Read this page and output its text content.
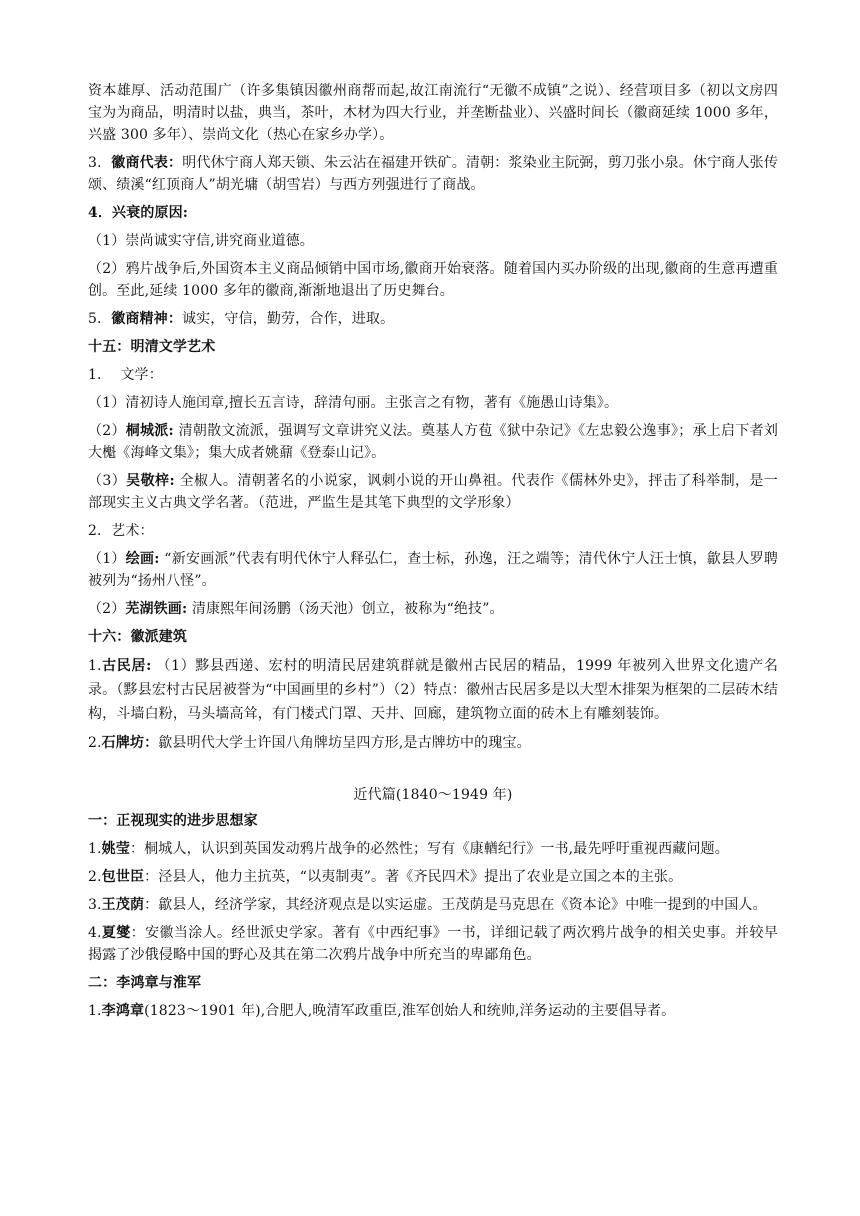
资本雄厚、活动范围广（许多集镇因徽州商帮而起,故江南流行“无徽不成镇”之说）、经营项目多（初以文房四宝为为商品，明清时以盐，典当，茶叶，木材为四大行业，并垄断盐业）、兴盛时间长（徽商延续 1000 多年，兴盛 300 多年）、崇尚文化（热心在家乡办学）。

3．徽商代表：明代休宁商人郑天锁、朱云沾在福建开铁矿。清朝：浆染业主阮弼，剪刀张小泉。休宁商人张传颂、绩溪“红顶商人”胡光墉（胡雪岩）与西方列强进行了商战。

4．兴衰的原因:

（1）崇尚诚实守信,讲究商业道德。

（2）鸦片战争后,外国资本主义商品倾销中国市场,徽商开始衰落。随着国内买办阶级的出现,徽商的生意再遭重创。至此,延续 1000 多年的徽商,渐渐地退出了历史舞台。

5．徽商精神：诚实，守信，勤劳，合作，进取。

十五：明清文学艺术

1．  文学：

（1）清初诗人施闰章,擅长五言诗，辞清句丽。主张言之有物，著有《施愚山诗集》。

（2）桐城派: 清朝散文流派，强调写文章讲究义法。奠基人方苞《狱中杂记》《左忠毅公逸事》；承上启下者刘大櫆《海峰文集》；集大成者姚鼐《登泰山记》。

（3）吴敬梓: 全椒人。清朝著名的小说家，讽刺小说的开山鼻祖。代表作《儒林外史》，抨击了科举制，是一部现实主义古典文学名著。（范进，严监生是其笔下典型的文学形象）

2．艺术：

（1）绘画: “新安画派”代表有明代休宁人释弘仁，查士标，孙逸，汪之端等；清代休宁人汪士慎，歙县人罗聘被列为“扬州八怪”。

（2）芜湖铁画: 清康熙年间汤鹏（汤天池）创立，被称为“绝技”。

十六：徽派建筑

1.古民居: （1）黟县西递、宏村的明清民居建筑群就是徽州古民居的精品，1999 年被列入世界文化遗产名录。（黟县宏村古民居被誉为“中国画里的乡村”）（2）特点：徽州古民居多是以大型木排架为框架的二层砖木结构，斗墙白粉，马头墙高耸，有门楼式门罩、天井、回廊，建筑物立面的砖木上有雕刻装饰。

2.石牌坊：歙县明代大学士许国八角牌坊呈四方形,是古牌坊中的瑰宝。

近代篇(1840～1949 年)

一：正视现实的进步思想家

1.姚莹：桐城人，认识到英国发动鸦片战争的必然性；写有《康輶纪行》一书,最先呼吁重视西藏问题。

2.包世臣：泾县人，他力主抗英，“以夷制夷”。著《齐民四术》提出了农业是立国之本的主张。

3.王茂荫：歙县人，经济学家，其经济观点是以实运虚。王茂荫是马克思在《资本论》中唯一提到的中国人。

4.夏燮：安徽当涂人。经世派史学家。著有《中西纪事》一书，详细记载了两次鸦片战争的相关史事。并较早揭露了沙俄侵略中国的野心及其在第二次鸦片战争中所充当的卑鄙角色。

二：李鸿章与淮军

1.李鸿章(1823～1901 年),合肥人,晚清军政重臣,淮军创始人和统帅,洋务运动的主要倡导者。
